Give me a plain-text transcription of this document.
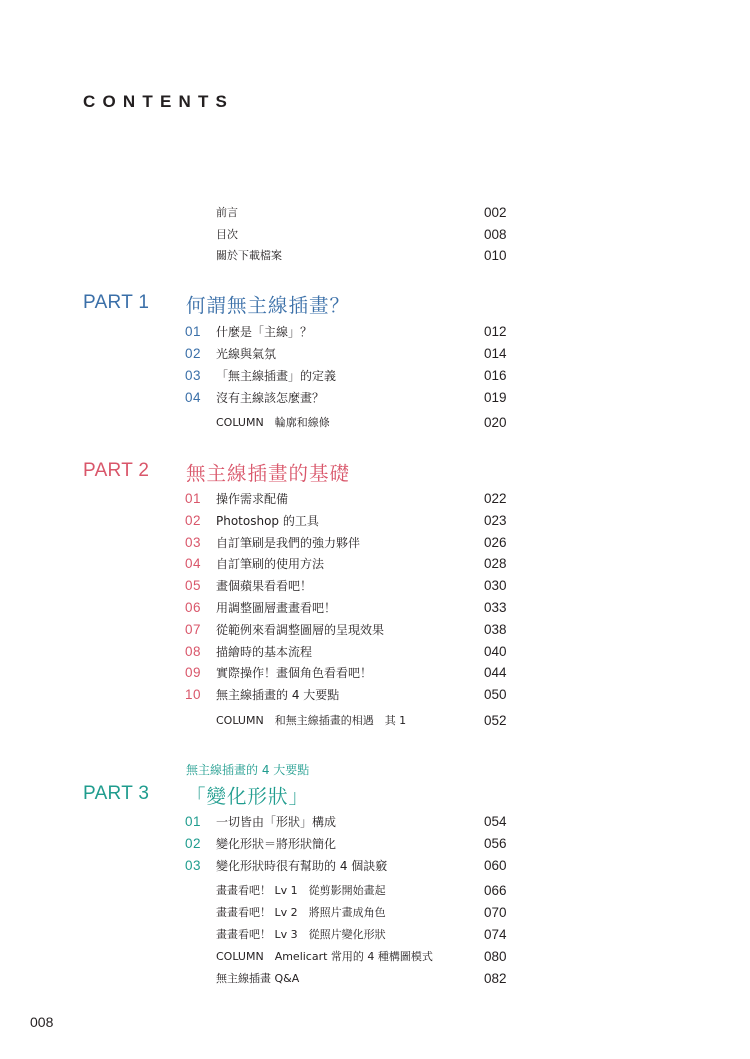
CONTENTS
前言	002
目次	008
關於下載檔案	010
PART 1 何謂無主線插畫？
01	什麼是「主線」？	012
02	光線與氣氛	014
03	「無主線插畫」的定義	016
04	沒有主線該怎麼畫？	019
COLUMN　輪廓和線條	020
PART 2 無主線插畫的基礎
01	操作需求配備	022
02	Photoshop 的工具	023
03	自訂筆刷是我們的強力夥伴	026
04	自訂筆刷的使用方法	028
05	畫個蘋果看看吧！	030
06	用調整圖層畫畫看吧！	033
07	從範例來看調整圖層的呈現效果	038
08	描繪時的基本流程	040
09	實際操作！畫個角色看看吧！	044
10	無主線插畫的 4 大要點	050
COLUMN　和無主線插畫的相遇　其 1	052
無主線插畫的 4 大要點
PART 3 「變化形狀」
01	一切皆由「形狀」構成	054
02	變化形狀＝將形狀簡化	056
03	變化形狀時很有幫助的 4 個訣竅	060
畫畫看吧！ Lv 1　從剪影開始畫起	066
畫畫看吧！ Lv 2　將照片畫成角色	070
畫畫看吧！ Lv 3　從照片變化形狀	074
COLUMN　Amelicart 常用的 4 種構圖模式	080
無主線插畫 Q&A	082
008
